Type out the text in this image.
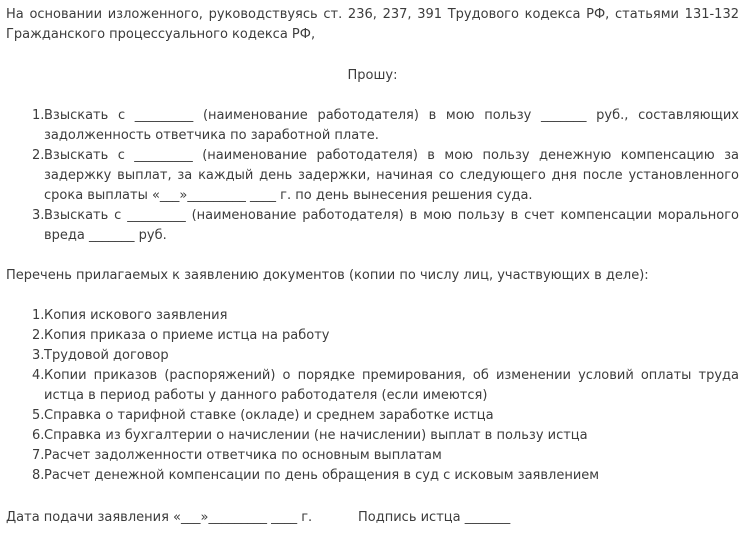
На основании изложенного, руководствуясь ст. 236, 237, 391 Трудового кодекса РФ, статьями 131-132 Гражданского процессуального кодекса РФ,

Прошу:

1. Взыскать с _________ (наименование работодателя) в мою пользу _______ руб., составляющих задолженность ответчика по заработной плате.
2. Взыскать с _________ (наименование работодателя) в мою пользу денежную компенсацию за задержку выплат, за каждый день задержки, начиная со следующего дня после установленного срока выплаты «___»_________ ____ г. по день вынесения решения суда.
3. Взыскать с _________ (наименование работодателя) в мою пользу в счет компенсации морального вреда _______ руб.

Перечень прилагаемых к заявлению документов (копии по числу лиц, участвующих в деле):

1. Копия искового заявления
2. Копия приказа о приеме истца на работу
3. Трудовой договор
4. Копии приказов (распоряжений) о порядке премирования, об изменении условий оплаты труда истца в период работы у данного работодателя (если имеются)
5. Справка о тарифной ставке (окладе) и среднем заработке истца
6. Справка из бухгалтерии о начислении (не начислении) выплат в пользу истца
7. Расчет задолженности ответчика по основным выплатам
8. Расчет денежной компенсации по день обращения в суд с исковым заявлением

Дата подачи заявления «___»_________ ____ г.	Подпись истца _______
